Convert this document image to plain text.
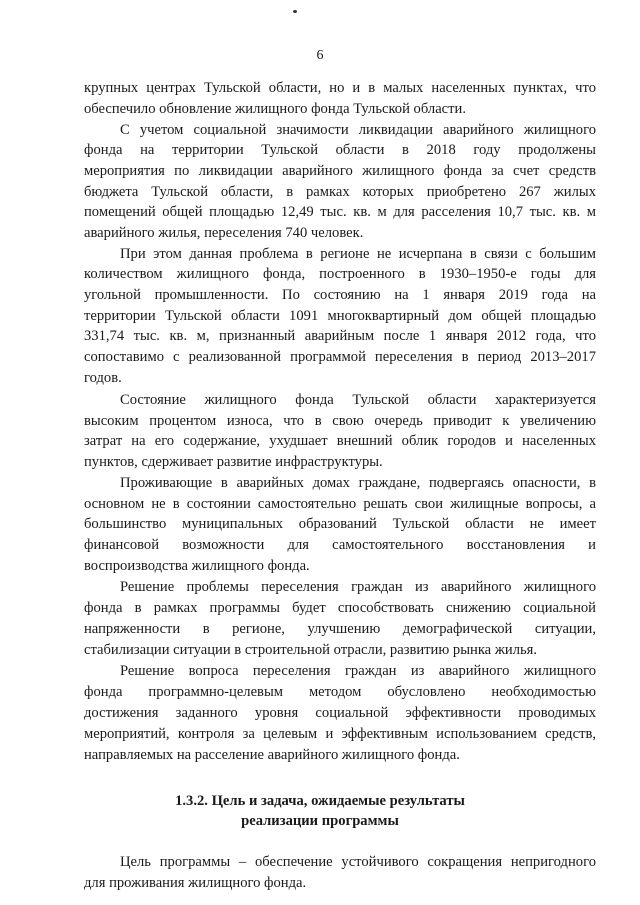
6
крупных центрах Тульской области, но и в малых населенных пунктах, что
обеспечило обновление жилищного фонда Тульской области.
С учетом социальной значимости ликвидации аварийного жилищного
фонда на территории Тульской области в 2018 году продолжены
мероприятия по ликвидации аварийного жилищного фонда за счет средств
бюджета Тульской области, в рамках которых приобретено 267 жилых
помещений общей площадью 12,49 тыс. кв. м для расселения 10,7 тыс. кв. м
аварийного жилья, переселения 740 человек.
При этом данная проблема в регионе не исчерпана в связи с большим
количеством жилищного фонда, построенного в 1930–1950-е годы для
угольной промышленности. По состоянию на 1 января 2019 года на
территории Тульской области 1091 многоквартирный дом общей площадью
331,74 тыс. кв. м, признанный аварийным после 1 января 2012 года, что
сопоставимо с реализованной программой переселения в период 2013–2017
годов.
Состояние жилищного фонда Тульской области характеризуется
высоким процентом износа, что в свою очередь приводит к увеличению
затрат на его содержание, ухудшает внешний облик городов и населенных
пунктов, сдерживает развитие инфраструктуры.
Проживающие в аварийных домах граждане, подвергаясь опасности, в
основном не в состоянии самостоятельно решать свои жилищные вопросы, а
большинство муниципальных образований Тульской области не имеет
финансовой возможности для самостоятельного восстановления и
воспроизводства жилищного фонда.
Решение проблемы переселения граждан из аварийного жилищного
фонда в рамках программы будет способствовать снижению социальной
напряженности в регионе, улучшению демографической ситуации,
стабилизации ситуации в строительной отрасли, развитию рынка жилья.
Решение вопроса переселения граждан из аварийного жилищного
фонда программно-целевым методом обусловлено необходимостью
достижения заданного уровня социальной эффективности проводимых
мероприятий, контроля за целевым и эффективным использованием средств,
направляемых на расселение аварийного жилищного фонда.
1.3.2. Цель и задача, ожидаемые результаты
реализации программы
Цель программы – обеспечение устойчивого сокращения непригодного
для проживания жилищного фонда.
